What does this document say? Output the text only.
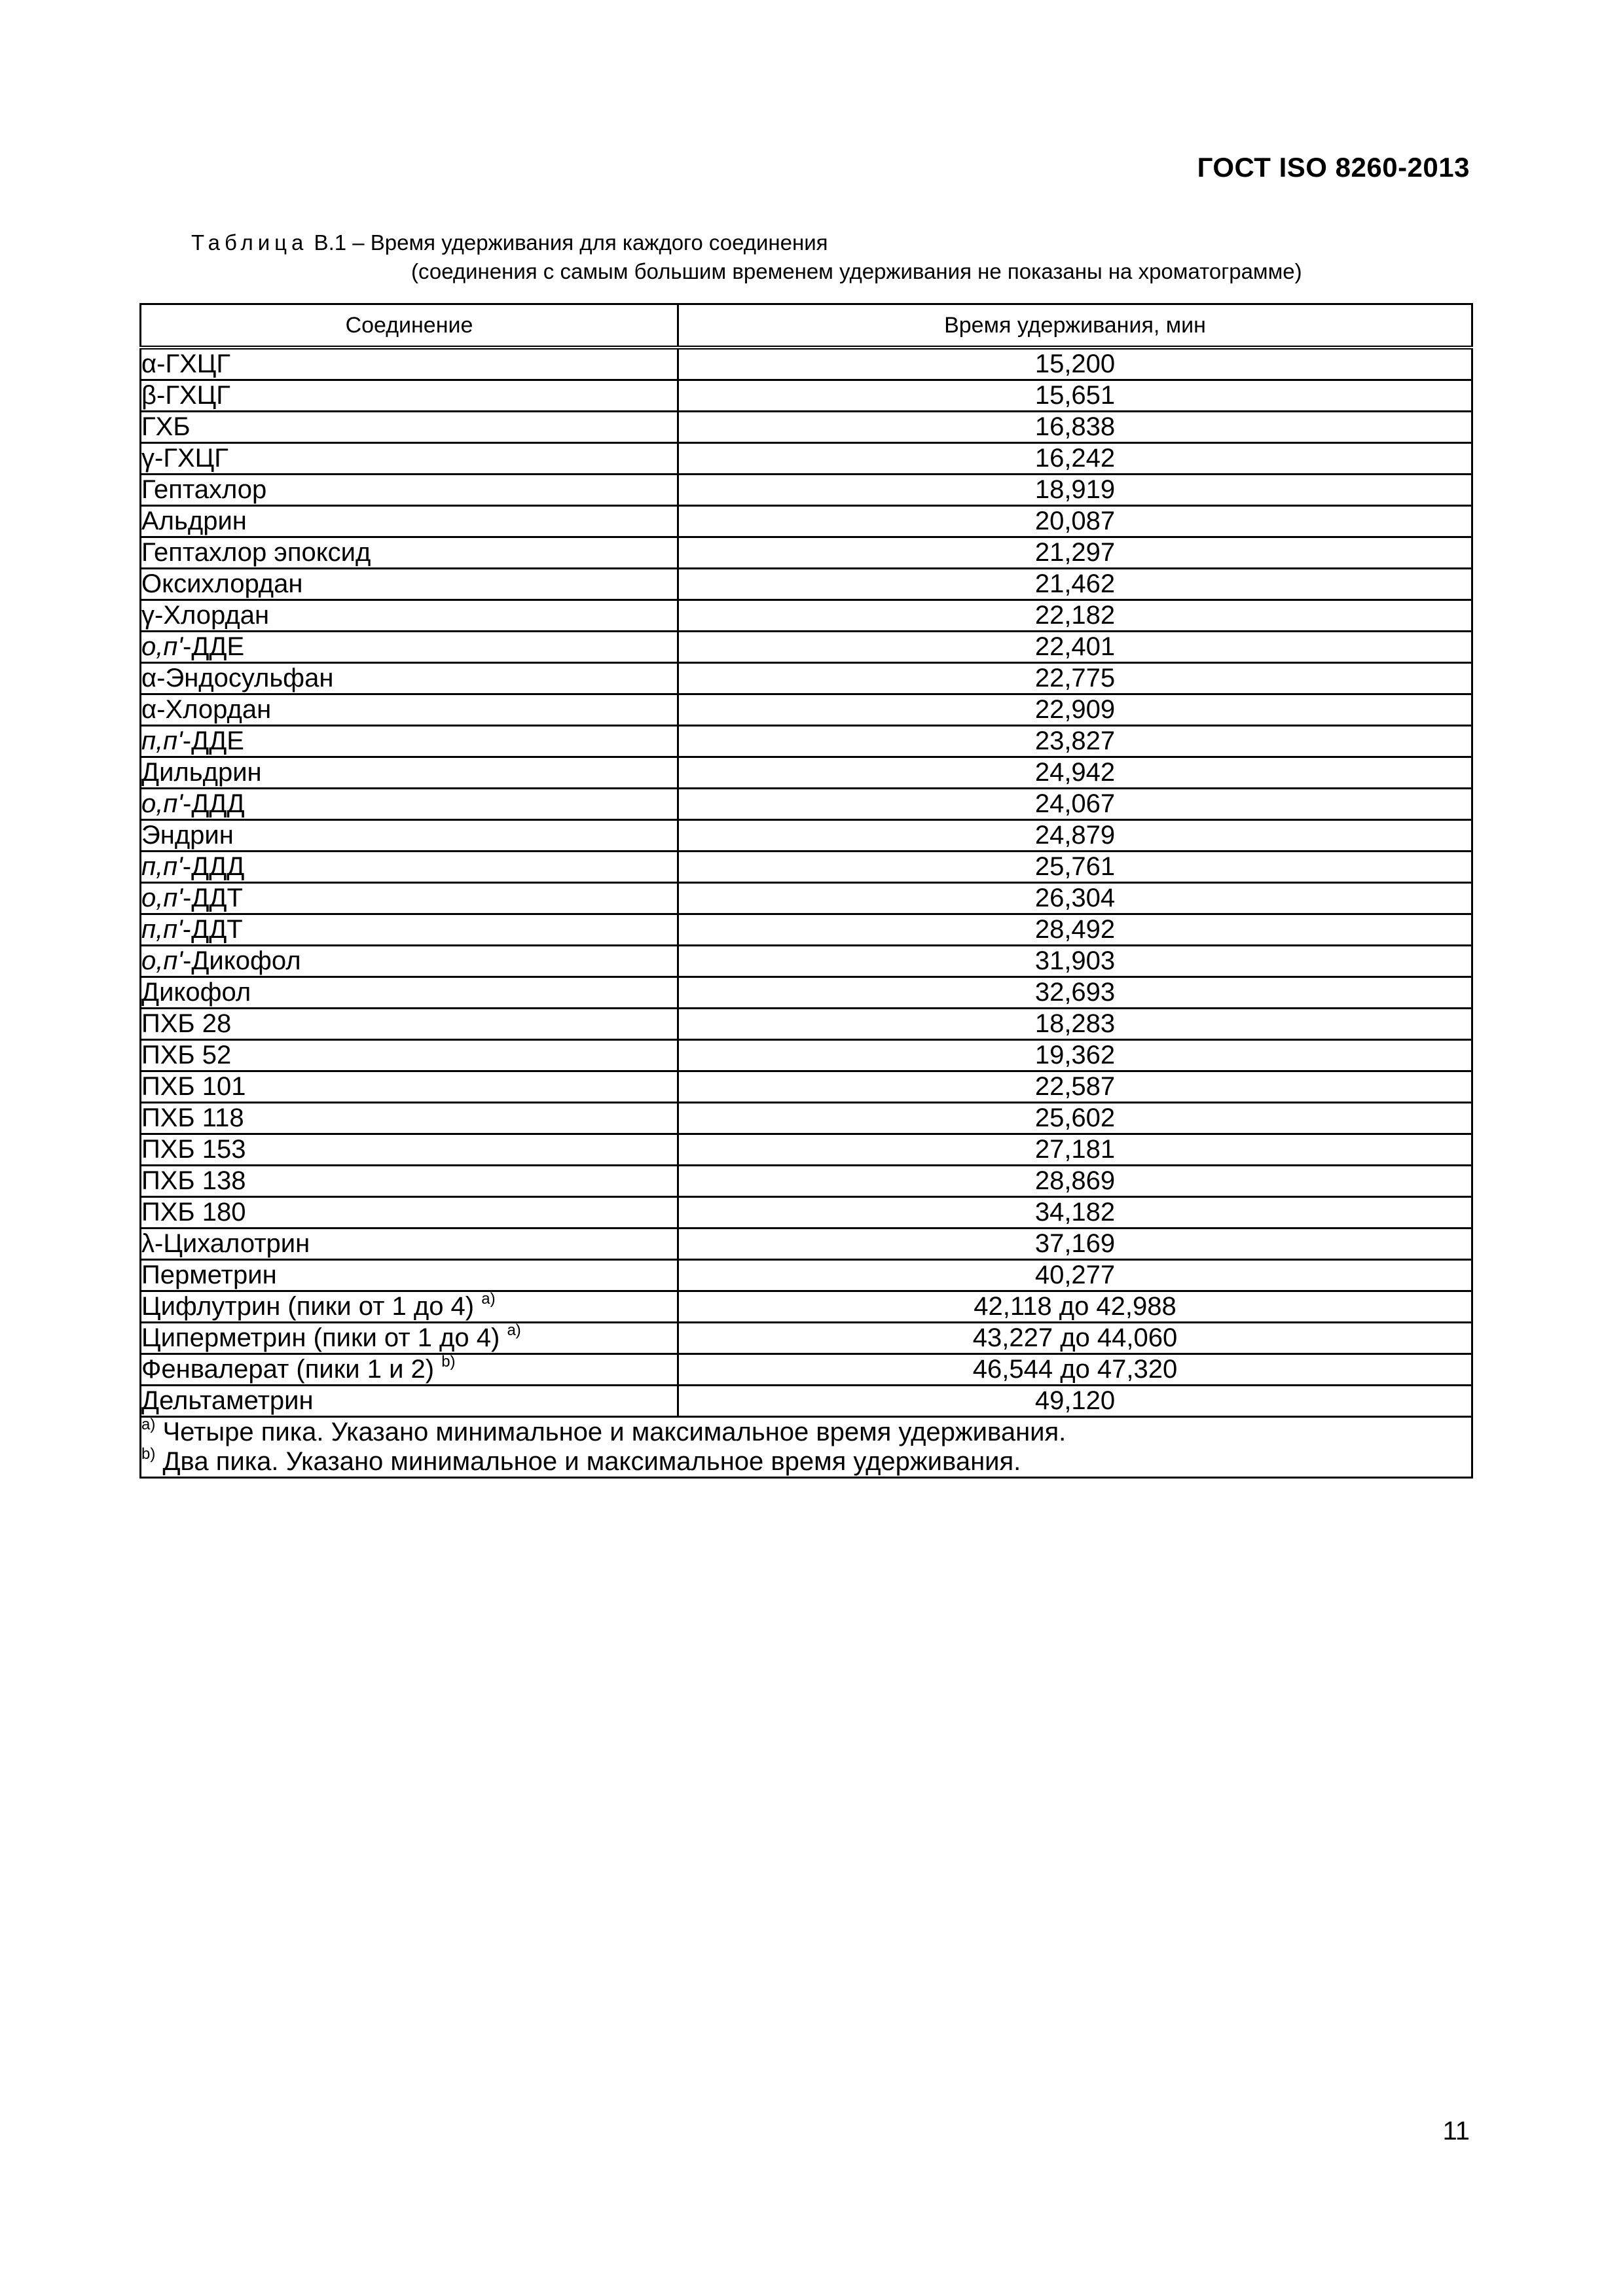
ГОСТ ISO 8260-2013
Таблица В.1 – Время удерживания для каждого соединения
(соединения с самым большим временем удерживания не показаны на хроматограмме)
Соединение	Время удерживания, мин
α-ГХЦГ	15,200
β-ГХЦГ	15,651
ГХБ	16,838
γ-ГХЦГ	16,242
Гептахлор	18,919
Альдрин	20,087
Гептахлор эпоксид	21,297
Оксихлордан	21,462
γ-Хлордан	22,182
о,п'-ДДЕ	22,401
α-Эндосульфан	22,775
α-Хлордан	22,909
п,п'-ДДЕ	23,827
Дильдрин	24,942
о,п'-ДДД	24,067
Эндрин	24,879
п,п'-ДДД	25,761
о,п'-ДДТ	26,304
п,п'-ДДТ	28,492
о,п'-Дикофол	31,903
Дикофол	32,693
ПХБ 28	18,283
ПХБ 52	19,362
ПХБ 101	22,587
ПХБ 118	25,602
ПХБ 153	27,181
ПХБ 138	28,869
ПХБ 180	34,182
λ-Цихалотрин	37,169
Перметрин	40,277
Цифлутрин (пики от 1 до 4) $^{a)}$	42,118 до 42,988
Циперметрин (пики от 1 до 4) $^{a)}$	43,227 до 44,060
Фенвалерат (пики 1 и 2) $^{b)}$	46,544 до 47,320
Дельтаметрин	49,120

$^{a)}$ Четыре пика. Указано минимальное и максимальное время удерживания.
$^{b)}$ Два пика. Указано минимальное и максимальное время удерживания.	
11
